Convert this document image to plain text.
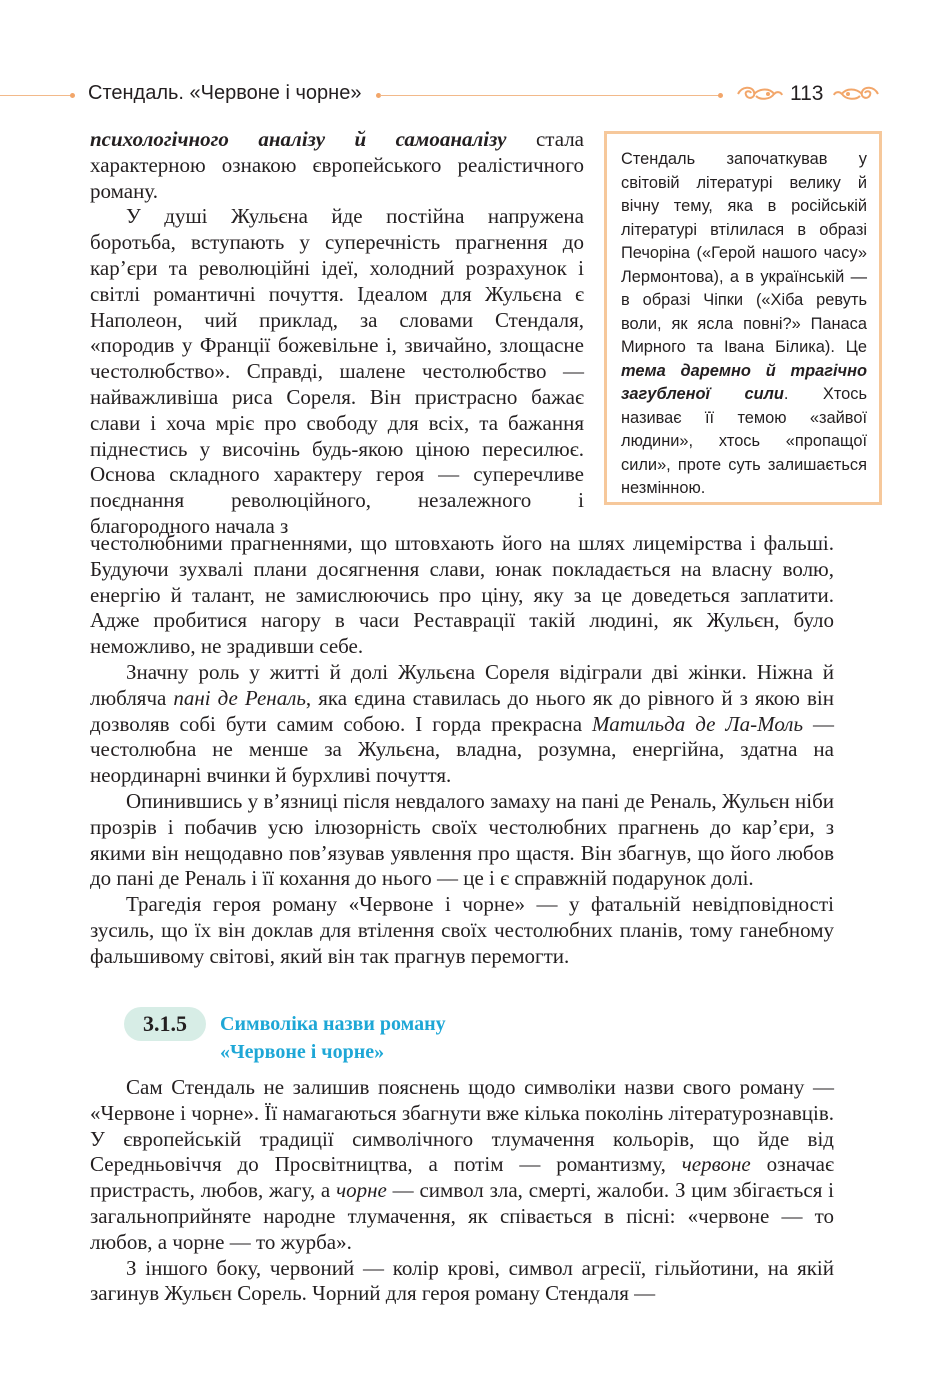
Стендаль. «Червоне і чорне»	113

психологічного аналізу й самоаналізу стала характерною ознакою європейського реалістичного роману.

У душі Жульєна йде постійна напружена боротьба, вступають у суперечність прагнення до кар’єри та революційні ідеї, холодний розрахунок і світлі романтичні почуття. Ідеалом для Жульєна є Наполеон, чий приклад, за словами Стендаля, «породив у Франції божевільне і, звичайно, злощасне честолюбство». Справді, шалене честолюбство — найважливіша риса Сореля. Він пристрасно бажає слави і хоча мріє про свободу для всіх, та бажання піднестись у височінь будь-якою ціною пересилює. Основа складного характеру героя — суперечливе поєднання революційного, незалежного і благородного начала з

Стендаль започаткував у світовій літературі велику й вічну тему, яка в російській літературі втілилася в образі Печоріна («Герой нашого часу» Лермонтова), а в українській — в образі Чіпки («Хіба ревуть воли, як ясла повні?» Панаса Мирного та Івана Білика). Це тема даремно й трагічно загубленої сили. Хтось називає її темою «зайвої людини», хтось «пропащої сили», проте суть залишається незмінною.

честолюбними прагненнями, що штовхають його на шлях лицемірства і фальші. Будуючи зухвалі плани досягнення слави, юнак покладається на власну волю, енергію й талант, не замислюючись про ціну, яку за це доведеться заплатити. Адже пробитися нагору в часи Реставрації такій людині, як Жульєн, було неможливо, не зрадивши себе.

Значну роль у житті й долі Жульєна Сореля відіграли дві жінки. Ніжна й любляча пані де Реналь, яка єдина ставилась до нього як до рівного й з якою він дозволяв собі бути самим собою. І горда прекрасна Матильда де Ла-Моль — честолюбна не менше за Жульєна, владна, розумна, енергійна, здатна на неординарні вчинки й бурхливі почуття.

Опинившись у в’язниці після невдалого замаху на пані де Реналь, Жульєн ніби прозрів і побачив усю ілюзорність своїх честолюбних прагнень до кар’єри, з якими він нещодавно пов’язував уявлення про щастя. Він збагнув, що його любов до пані де Реналь і її кохання до нього — це і є справжній подарунок долі.

Трагедія героя роману «Червоне і чорне» — у фатальній невідповідності зусиль, що їх він доклав для втілення своїх честолюбних планів, тому ганебному фальшивому світові, який він так прагнув перемогти.

3.1.5	Символіка назви роману
«Червоне і чорне»

Сам Стендаль не залишив пояснень щодо символіки назви свого роману — «Червоне і чорне». Її намагаються збагнути вже кілька поколінь літературознавців. У європейській традиції символічного тлумачення кольорів, що йде від Середньовіччя до Просвітництва, а потім — романтизму, червоне означає пристрасть, любов, жагу, а чорне — символ зла, смерті, жалоби. З цим збігається і загальноприйняте народне тлумачення, як співається в пісні: «червоне — то любов, а чорне — то журба».

З іншого боку, червоний — колір крові, символ агресії, гільйотини, на якій загинув Жульєн Сорель. Чорний для героя роману Стендаля —
